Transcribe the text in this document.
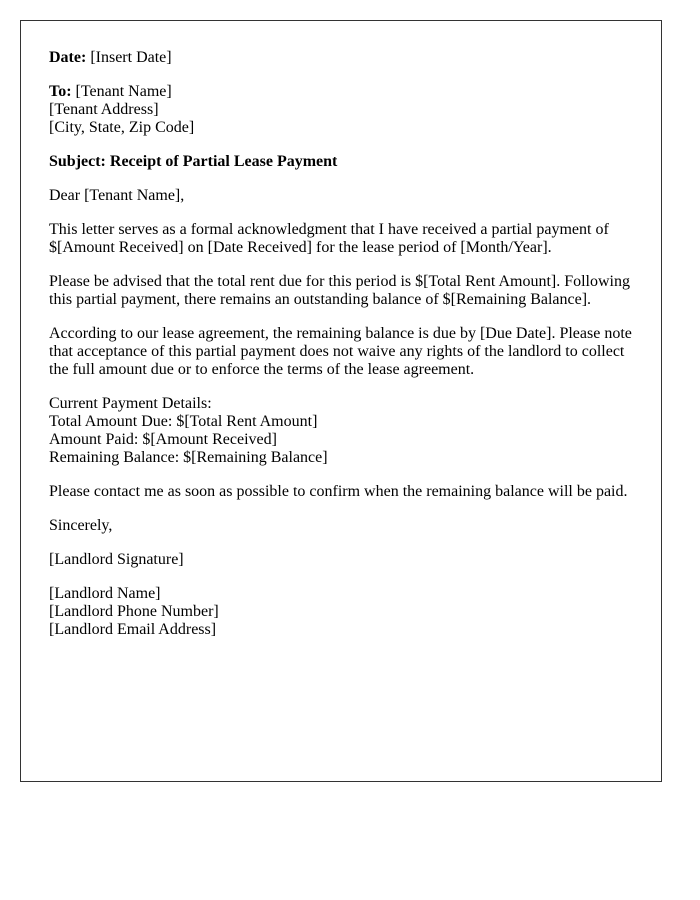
Date: [Insert Date]

To: [Tenant Name]
[Tenant Address]
[City, State, Zip Code]

Subject: Receipt of Partial Lease Payment

Dear [Tenant Name],

This letter serves as a formal acknowledgment that I have received a partial payment of $[Amount Received] on [Date Received] for the lease period of [Month/Year].

Please be advised that the total rent due for this period is $[Total Rent Amount]. Following this partial payment, there remains an outstanding balance of $[Remaining Balance].

According to our lease agreement, the remaining balance is due by [Due Date]. Please note that acceptance of this partial payment does not waive any rights of the landlord to collect the full amount due or to enforce the terms of the lease agreement.

Current Payment Details:
Total Amount Due: $[Total Rent Amount]
Amount Paid: $[Amount Received]
Remaining Balance: $[Remaining Balance]

Please contact me as soon as possible to confirm when the remaining balance will be paid.

Sincerely,

[Landlord Signature]

[Landlord Name]
[Landlord Phone Number]
[Landlord Email Address]
